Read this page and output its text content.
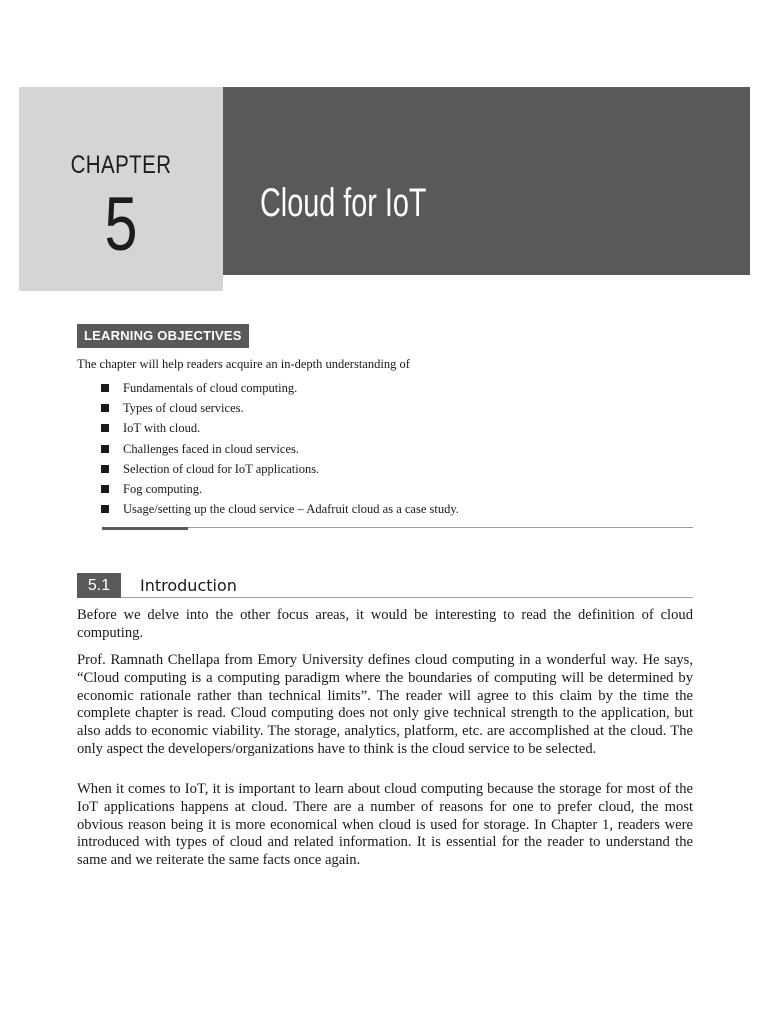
CHAPTER
5	Cloud for IoT
LEARNING OBJECTIVES
The chapter will help readers acquire an in-depth understanding of
Fundamentals of cloud computing.
Types of cloud services.
IoT with cloud.
Challenges faced in cloud services.
Selection of cloud for IoT applications.
Fog computing.
Usage/setting up the cloud service – Adafruit cloud as a case study.
5.1	Introduction

Before we delve into the other focus areas, it would be interesting to read the definition of cloud computing.

Prof. Ramnath Chellapa from Emory University defines cloud computing in a wonderful way. He says, “Cloud computing is a computing paradigm where the boundaries of computing will be determined by economic rationale rather than technical limits”. The reader will agree to this claim by the time the complete chapter is read. Cloud computing does not only give technical strength to the application, but also adds to economic viability. The storage, analytics, platform, etc. are accomplished at the cloud. The only aspect the developers/organizations have to think is the cloud service to be selected.

When it comes to IoT, it is important to learn about cloud computing because the storage for most of the IoT applications happens at cloud. There are a number of reasons for one to prefer cloud, the most obvious reason being it is more economical when cloud is used for storage. In Chapter 1, readers were introduced with types of cloud and related information. It is essential for the reader to understand the same and we reiterate the same facts once again.
